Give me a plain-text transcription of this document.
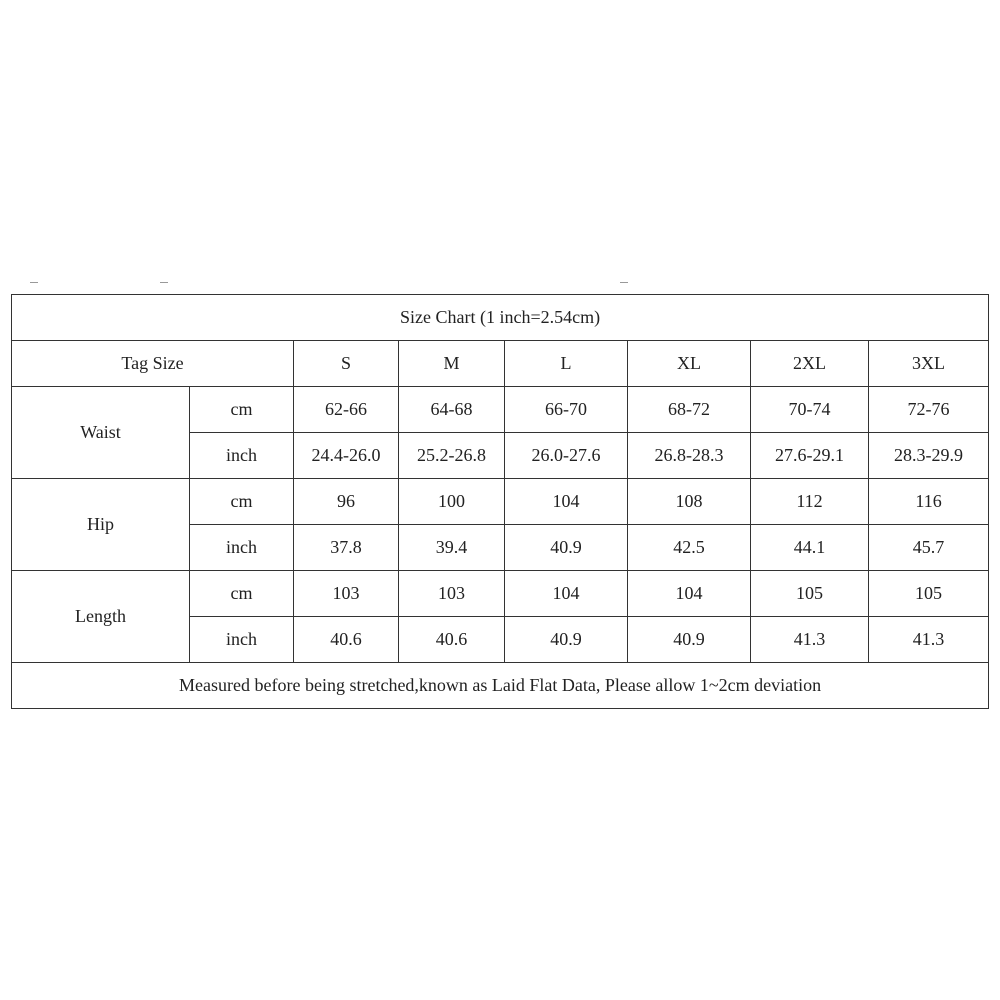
Size Chart (1 inch=2.54cm)							
Tag Size		S	M	L	XL	2XL	3XL
Waist	cm	62-66	64-68	66-70	68-72	70-74	72-76
	inch	24.4-26.0	25.2-26.8	26.0-27.6	26.8-28.3	27.6-29.1	28.3-29.9
Hip	cm	96	100	104	108	112	116
	inch	37.8	39.4	40.9	42.5	44.1	45.7
Length	cm	103	103	104	104	105	105
	inch	40.6	40.6	40.9	40.9	41.3	41.3
Measured before being stretched,known as Laid Flat Data, Please allow 1~2cm deviation							
